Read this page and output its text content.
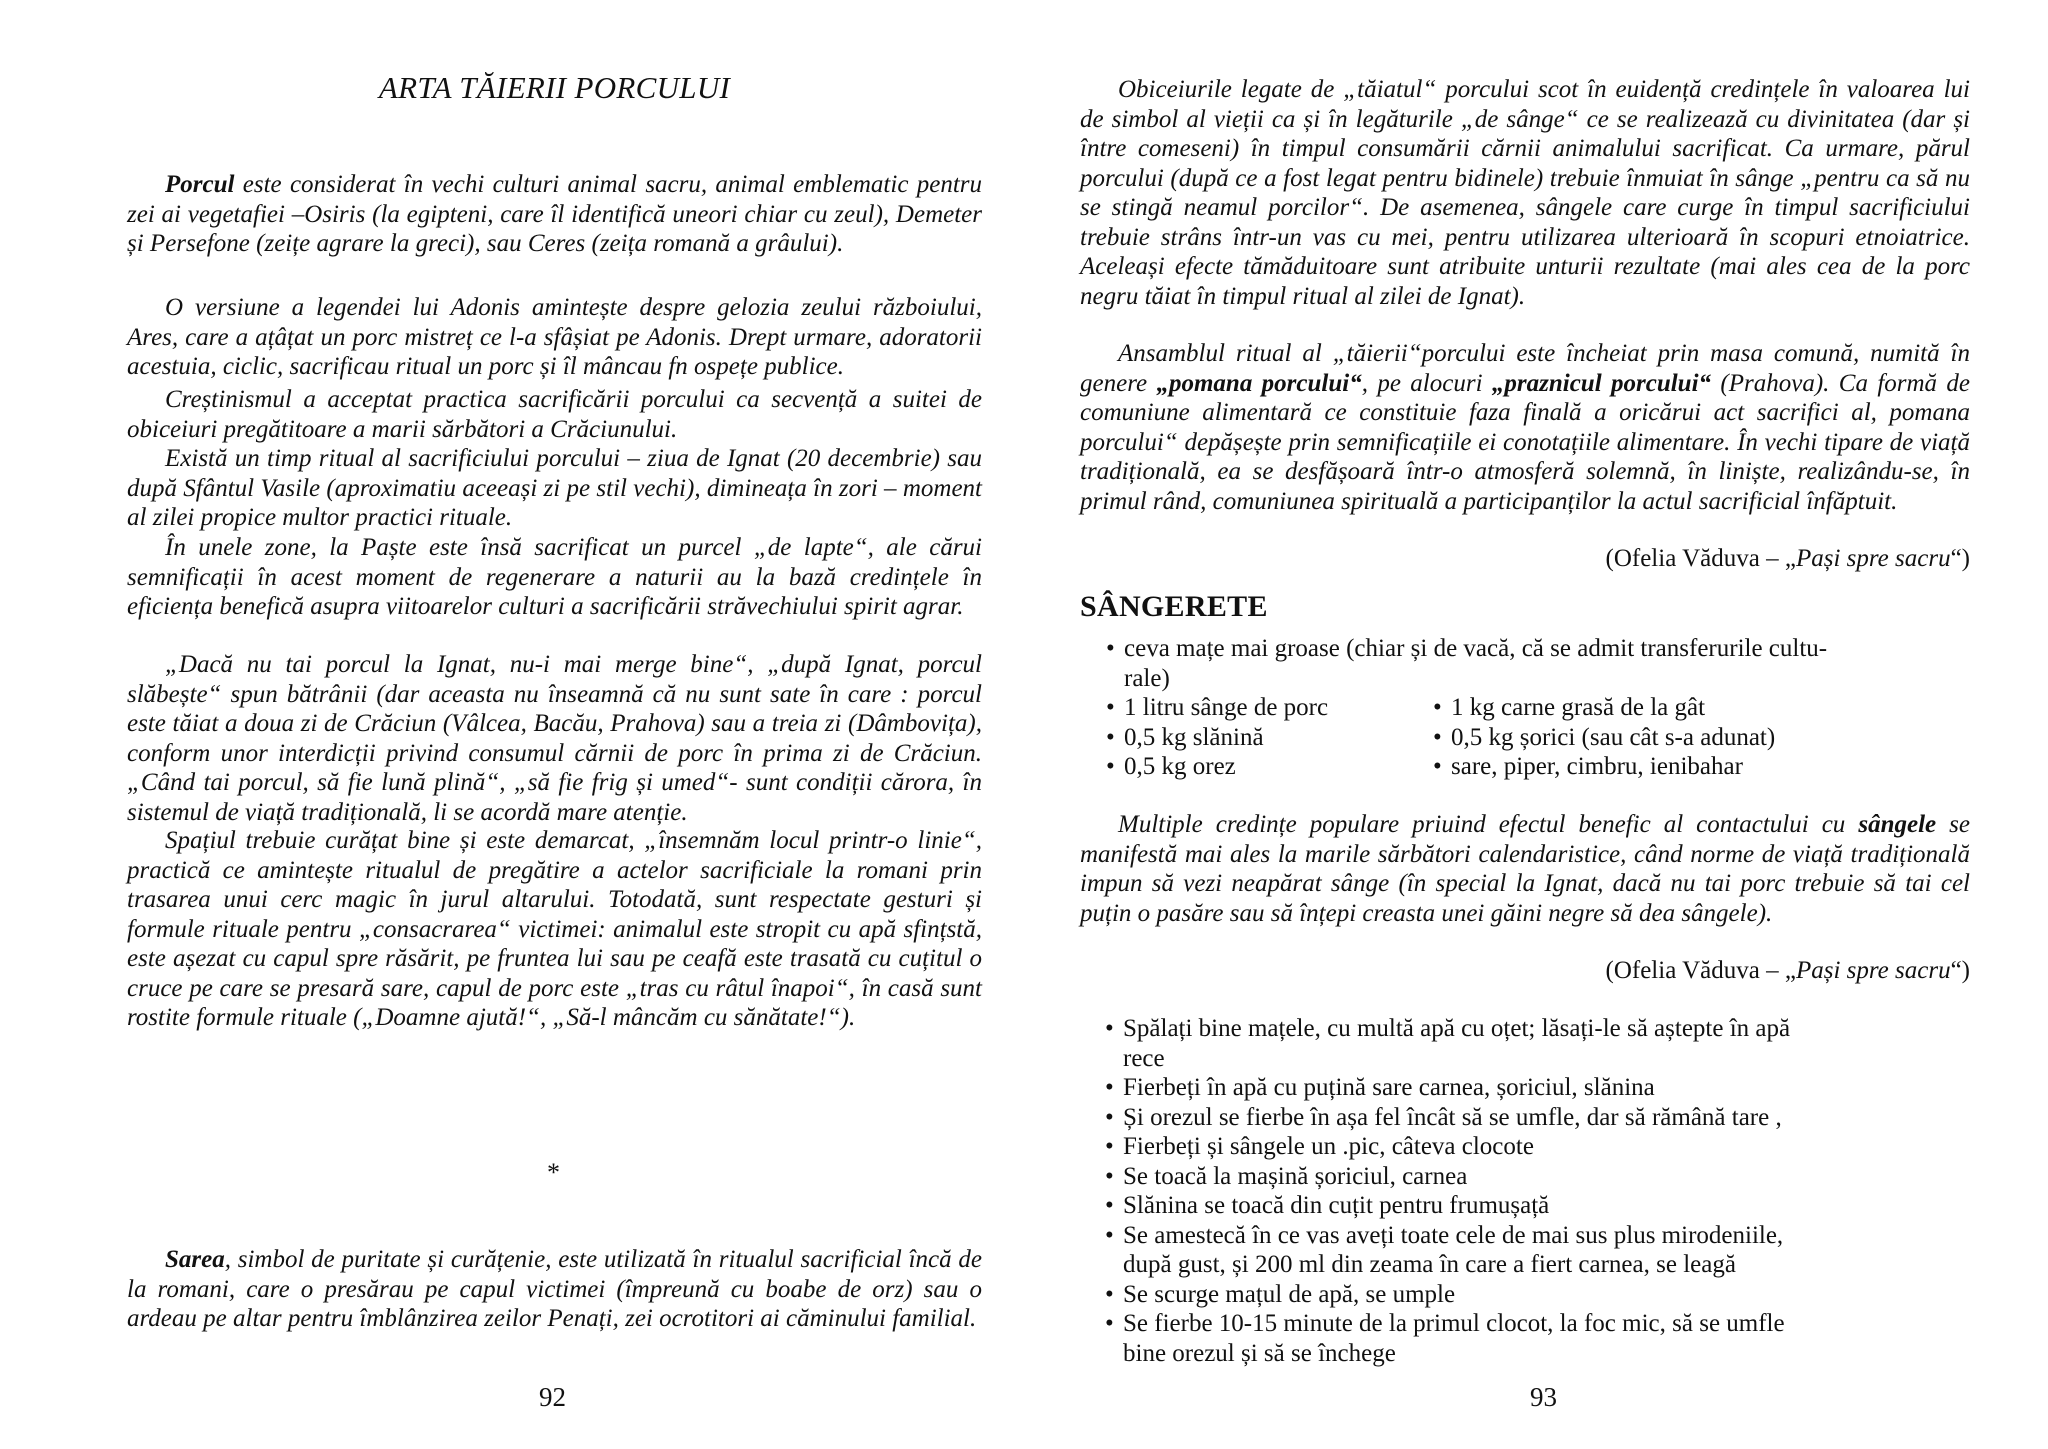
ARTA TĂIERII PORCULUI

Porcul este considerat în vechi culturi animal sacru, animal emblematic pentru zei ai vegetafiei –Osiris (la egipteni, care îl identifică uneori chiar cu zeul), Demeter și Persefone (zeițe agrare la greci), sau Ceres (zeița romană a grâului).

O versiune a legendei lui Adonis amintește despre gelozia zeului războiului, Ares, care a ațâțat un porc mistreț ce l-a sfâșiat pe Adonis. Drept urmare, adoratorii acestuia, ciclic, sacrificau ritual un porc și îl mâncau fn ospețe publice.

Creștinismul a acceptat practica sacrificării porcului ca secvență a suitei de obiceiuri pregătitoare a marii sărbători a Crăciunului.

Există un timp ritual al sacrificiului porcului – ziua de Ignat (20 decembrie) sau după Sfântul Vasile (aproximatiu aceeași zi pe stil vechi), dimineața în zori – moment al zilei propice multor practici rituale.

În unele zone, la Paște este însă sacrificat un purcel „de lapte“, ale cărui semnificații în acest moment de regenerare a naturii au la bază credințele în eficiența benefică asupra viitoarelor culturi a sacrificării străvechiului spirit agrar.

„Dacă nu tai porcul la Ignat, nu-i mai merge bine“, „după Ignat, porcul slăbește“ spun bătrânii (dar aceasta nu înseamnă că nu sunt sate în care : porcul este tăiat a doua zi de Crăciun (Vâlcea, Bacău, Prahova) sau a treia zi (Dâmbovița), conform unor interdicții privind consumul cărnii de porc în prima zi de Crăciun. „Când tai porcul, să fie lună plină“, „să fie frig și umed“- sunt condiții cărora, în sistemul de viață tradițională, li se acordă mare atenție.

Spațiul trebuie curățat bine și este demarcat, „însemnăm locul printr-o linie“, practică ce amintește ritualul de pregătire a actelor sacrificiale la romani prin trasarea unui cerc magic în jurul altarului. Totodată, sunt respectate gesturi și formule rituale pentru „consacrarea“ victimei: animalul este stropit cu apă sfințstă, este așezat cu capul spre răsărit, pe fruntea lui sau pe ceafă este trasată cu cuțitul o cruce pe care se presară sare, capul de porc este „tras cu râtul înapoi“, în casă sunt rostite formule rituale („Doamne ajută!“, „Să-l mâncăm cu sănătate!“).

*

Sarea, simbol de puritate și curățenie, este utilizată în ritualul sacrificial încă de la romani, care o presărau pe capul victimei (împreună cu boabe de orz) sau o ardeau pe altar pentru îmblânzirea zeilor Penați, zei ocrotitori ai căminului familial.

92

Obiceiurile legate de „tăiatul“ porcului scot în euidență credințele în valoarea lui de simbol al vieții ca și în legăturile „de sânge“ ce se realizează cu divinitatea (dar și între comeseni) în timpul consumării cărnii animalului sacrificat. Ca urmare, părul porcului (după ce a fost legat pentru bidinele) trebuie înmuiat în sânge „pentru ca să nu se stingă neamul porcilor“. De asemenea, sângele care curge în timpul sacrificiului trebuie strâns într-un vas cu mei, pentru utilizarea ulterioară în scopuri etnoiatrice. Aceleași efecte tămăduitoare sunt atribuite unturii rezultate (mai ales cea de la porc negru tăiat în timpul ritual al zilei de Ignat).

Ansamblul ritual al „tăierii“porcului este încheiat prin masa comună, numită în genere „pomana porcului“, pe alocuri „praznicul porcului“ (Prahova). Ca formă de comuniune alimentară ce constituie faza finală a oricărui act sacrifici al, pomana porcului“ depășește prin semnificațiile ei conotațiile alimentare. În vechi tipare de viață tradițională, ea se desfășoară într-o atmosferă solemnă, în liniște, realizându-se, în primul rând, comuniunea spirituală a participanților la actul sacrificial înfăptuit.

(Ofelia Văduva – „Pași spre sacru“)
SÂNGERETE
• ceva mațe mai groase (chiar și de vacă, că se admit transferurile cultu-
rale)
• 1 litru sânge de porc
• 0,5 kg slănină
• 0,5 kg orez
• 1 kg carne grasă de la gât
• 0,5 kg șorici (sau cât s-a adunat)
• sare, piper, cimbru, ienibahar

Multiple credințe populare priuind efectul benefic al contactului cu sângele se manifestă mai ales la marile sărbători calendaristice, când norme de viață tradițională impun să vezi neapărat sânge (în special la Ignat, dacă nu tai porc trebuie să tai cel puțin o pasăre sau să înțepi creasta unei găini negre să dea sângele).

(Ofelia Văduva – „Pași spre sacru“)
• Spălați bine mațele, cu multă apă cu oțet; lăsați-le să aștepte în apă
rece
• Fierbeți în apă cu puțină sare carnea, șoriciul, slănina
• Și orezul se fierbe în așa fel încât să se umfle, dar să rămână tare ,
• Fierbeți și sângele un .pic, câteva clocote
• Se toacă la mașină șoriciul, carnea
• Slănina se toacă din cuțit pentru frumușață
• Se amestecă în ce vas aveți toate cele de mai sus plus mirodeniile,
după gust, și 200 ml din zeama în care a fiert carnea, se leagă
• Se scurge mațul de apă, se umple
• Se fierbe 10-15 minute de la primul clocot, la foc mic, să se umfle
bine orezul și să se închege
93
